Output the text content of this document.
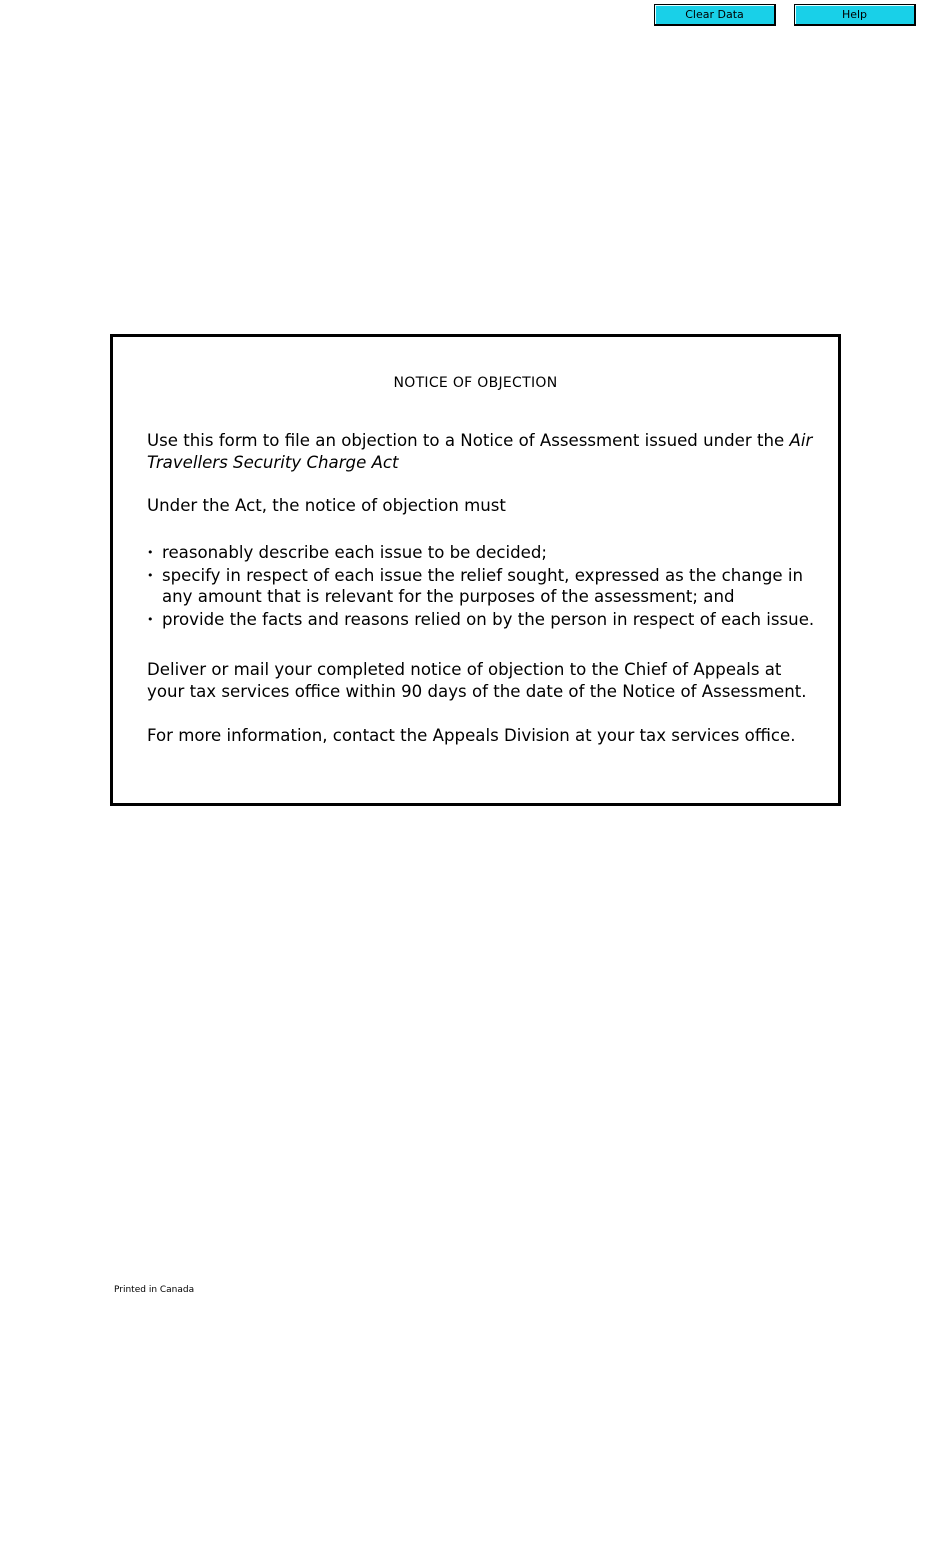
Clear Data	Help
NOTICE OF OBJECTION
Use this form to file an objection to a Notice of Assessment issued under the Air Travellers Security Charge Act
Under the Act, the notice of objection must
• reasonably describe each issue to be decided;
• specify in respect of each issue the relief sought, expressed as the change in any amount that is relevant for the purposes of the assessment; and
• provide the facts and reasons relied on by the person in respect of each issue.
Deliver or mail your completed notice of objection to the Chief of Appeals at your tax services office within 90 days of the date of the Notice of Assessment.
For more information, contact the Appeals Division at your tax services office.
Printed in Canada
